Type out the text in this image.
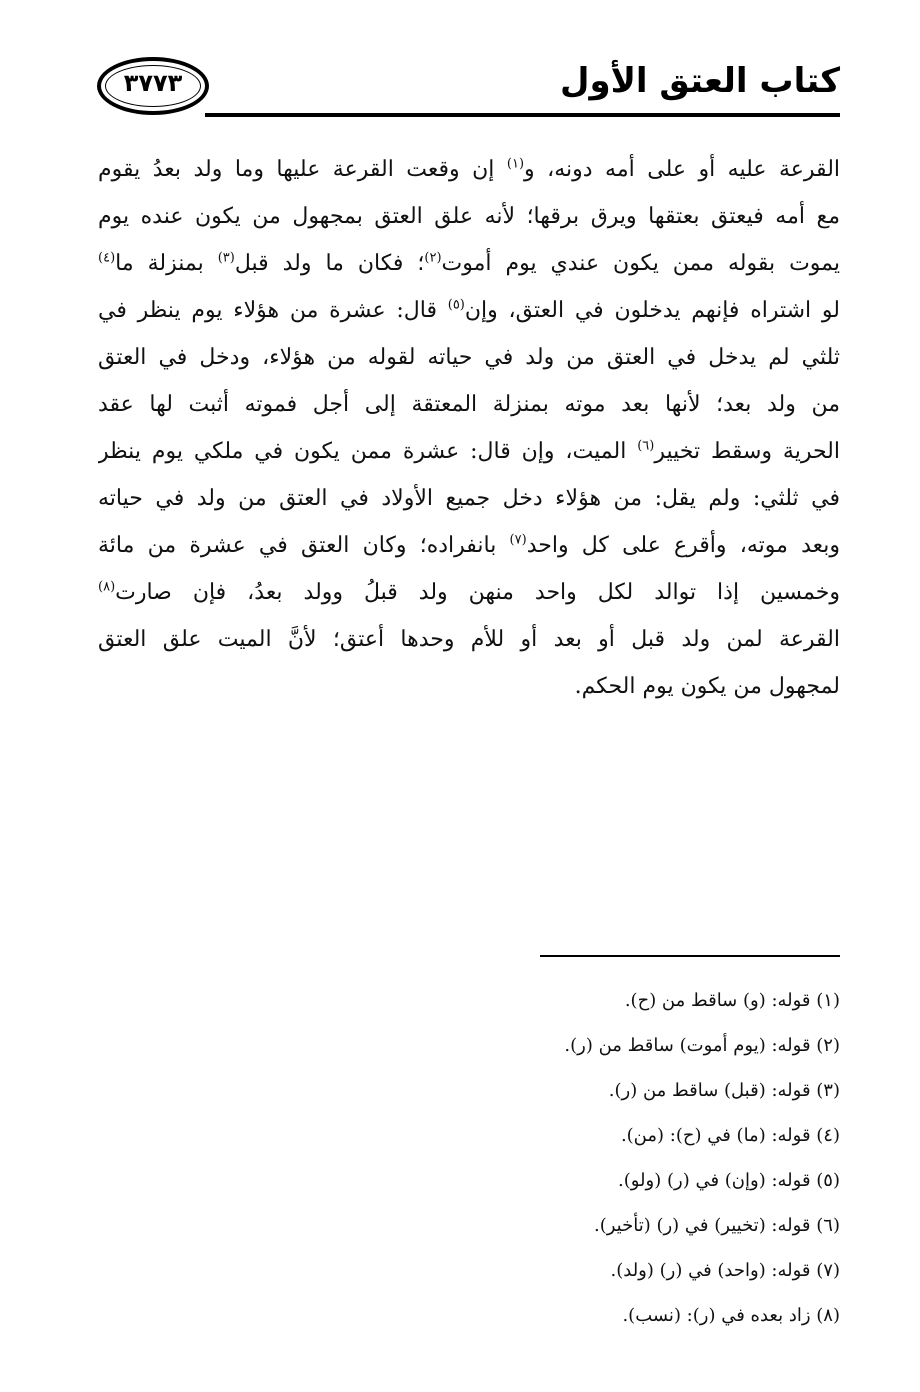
٣٧٧٣	كتاب العتق الأول
القرعة عليه أو على أمه دونه، و$^{(١)}$ إن وقعت القرعة عليها وما ولد بعدُ يقوم
مع أمه فيعتق بعتقها ويرق برقها؛ لأنه علق العتق بمجهول من يكون عنده يوم
يموت بقوله ممن يكون عندي يوم أموت$^{(٢)}$؛ فكان ما ولد قبل$^{(٣)}$ بمنزلة ما$^{(٤)}$
لو اشتراه فإنهم يدخلون في العتق، وإن$^{(٥)}$ قال: عشرة من هؤلاء يوم ينظر في
ثلثي لم يدخل في العتق من ولد في حياته لقوله من هؤلاء، ودخل في العتق
من ولد بعد؛ لأنها بعد موته بمنزلة المعتقة إلى أجل فموته أثبت لها عقد
الحرية وسقط تخيير$^{(٦)}$ الميت، وإن قال: عشرة ممن يكون في ملكي يوم ينظر
في ثلثي: ولم يقل: من هؤلاء دخل جميع الأولاد في العتق من ولد في حياته
وبعد موته، وأقرع على كل واحد$^{(٧)}$ بانفراده؛ وكان العتق في عشرة من مائة
وخمسين إذا توالد لكل واحد منهن ولد قبلُ وولد بعدُ، فإن صارت$^{(٨)}$
القرعة لمن ولد قبل أو بعد أو للأم وحدها أعتق؛ لأنَّ الميت علق العتق
لمجهول من يكون يوم الحكم.
(١) قوله: (و) ساقط من (ح).
(٢) قوله: (يوم أموت) ساقط من (ر).
(٣) قوله: (قبل) ساقط من (ر).
(٤) قوله: (ما) في (ح): (من).
(٥) قوله: (وإن) في (ر) (ولو).
(٦) قوله: (تخيير) في (ر) (تأخير).
(٧) قوله: (واحد) في (ر) (ولد).
(٨) زاد بعده في (ر): (نسب).
